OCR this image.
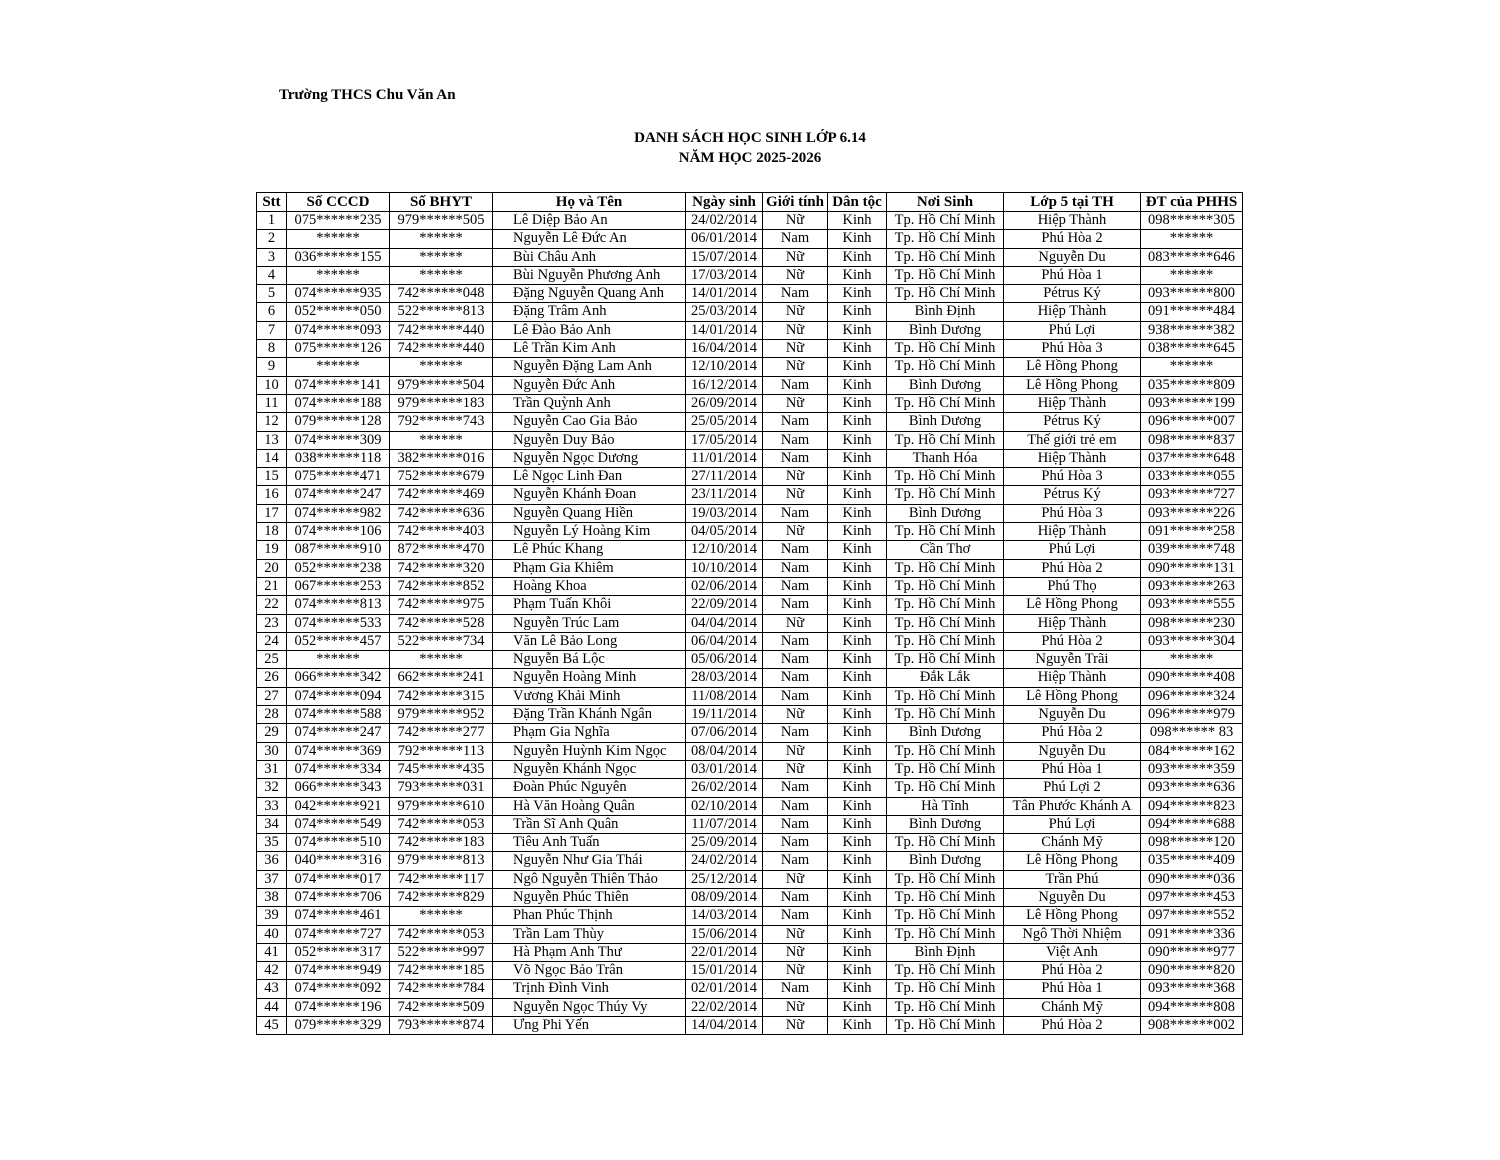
Trường THCS Chu Văn An
DANH SÁCH HỌC SINH LỚP 6.14
NĂM HỌC 2025-2026
Stt	Số CCCD	Số BHYT	Họ và Tên	Ngày sinh	Giới tính	Dân tộc	Nơi Sinh	Lớp 5 tại TH	ĐT của PHHS
1	075******235	979******505	Lê Diệp Bảo An	24/02/2014	Nữ	Kinh	Tp. Hồ Chí Minh	Hiệp Thành	098******305
2	******	******	Nguyễn Lê Đức An	06/01/2014	Nam	Kinh	Tp. Hồ Chí Minh	Phú Hòa 2	******
3	036******155	******	Bùi Châu Anh	15/07/2014	Nữ	Kinh	Tp. Hồ Chí Minh	Nguyễn Du	083******646
4	******	******	Bùi Nguyễn Phương Anh	17/03/2014	Nữ	Kinh	Tp. Hồ Chí Minh	Phú Hòa 1	******
5	074******935	742******048	Đặng Nguyễn Quang Anh	14/01/2014	Nam	Kinh	Tp. Hồ Chí Minh	Pétrus Ký	093******800
6	052******050	522******813	Đặng Trâm Anh	25/03/2014	Nữ	Kinh	Bình Định	Hiệp Thành	091******484
7	074******093	742******440	Lê Đào Bảo Anh	14/01/2014	Nữ	Kinh	Bình Dương	Phú Lợi	938******382
8	075******126	742******440	Lê Trần Kim Anh	16/04/2014	Nữ	Kinh	Tp. Hồ Chí Minh	Phú Hòa 3	038******645
9	******	******	Nguyễn Đặng Lam Anh	12/10/2014	Nữ	Kinh	Tp. Hồ Chí Minh	Lê Hồng Phong	******
10	074******141	979******504	Nguyễn Đức Anh	16/12/2014	Nam	Kinh	Bình Dương	Lê Hồng Phong	035******809
11	074******188	979******183	Trần Quỳnh Anh	26/09/2014	Nữ	Kinh	Tp. Hồ Chí Minh	Hiệp Thành	093******199
12	079******128	792******743	Nguyễn Cao Gia Bảo	25/05/2014	Nam	Kinh	Bình Dương	Pétrus Ký	096******007
13	074******309	******	Nguyễn Duy Bảo	17/05/2014	Nam	Kinh	Tp. Hồ Chí Minh	Thế giới trẻ em	098******837
14	038******118	382******016	Nguyễn Ngọc Dương	11/01/2014	Nam	Kinh	Thanh Hóa	Hiệp Thành	037******648
15	075******471	752******679	Lê Ngọc Linh Đan	27/11/2014	Nữ	Kinh	Tp. Hồ Chí Minh	Phú Hòa 3	033******055
16	074******247	742******469	Nguyễn Khánh Đoan	23/11/2014	Nữ	Kinh	Tp. Hồ Chí Minh	Pétrus Ký	093******727
17	074******982	742******636	Nguyễn Quang Hiền	19/03/2014	Nam	Kinh	Bình Dương	Phú Hòa 3	093******226
18	074******106	742******403	Nguyễn Lý Hoàng Kim	04/05/2014	Nữ	Kinh	Tp. Hồ Chí Minh	Hiệp Thành	091******258
19	087******910	872******470	Lê Phúc Khang	12/10/2014	Nam	Kinh	Cần Thơ	Phú Lợi	039******748
20	052******238	742******320	Phạm Gia Khiêm	10/10/2014	Nam	Kinh	Tp. Hồ Chí Minh	Phú Hòa 2	090******131
21	067******253	742******852	Hoàng Khoa	02/06/2014	Nam	Kinh	Tp. Hồ Chí Minh	Phú Thọ	093******263
22	074******813	742******975	Phạm Tuấn Khôi	22/09/2014	Nam	Kinh	Tp. Hồ Chí Minh	Lê Hồng Phong	093******555
23	074******533	742******528	Nguyễn Trúc Lam	04/04/2014	Nữ	Kinh	Tp. Hồ Chí Minh	Hiệp Thành	098******230
24	052******457	522******734	Văn Lê Bảo Long	06/04/2014	Nam	Kinh	Tp. Hồ Chí Minh	Phú Hòa 2	093******304
25	******	******	Nguyễn Bá Lộc	05/06/2014	Nam	Kinh	Tp. Hồ Chí Minh	Nguyễn Trãi	******
26	066******342	662******241	Nguyễn Hoàng Minh	28/03/2014	Nam	Kinh	Đắk Lắk	Hiệp Thành	090******408
27	074******094	742******315	Vương Khải Minh	11/08/2014	Nam	Kinh	Tp. Hồ Chí Minh	Lê Hồng Phong	096******324
28	074******588	979******952	Đặng Trần Khánh Ngân	19/11/2014	Nữ	Kinh	Tp. Hồ Chí Minh	Nguyễn Du	096******979
29	074******247	742******277	Phạm Gia Nghĩa	07/06/2014	Nam	Kinh	Bình Dương	Phú Hòa 2	098****** 83
30	074******369	792******113	Nguyễn Huỳnh Kim Ngọc	08/04/2014	Nữ	Kinh	Tp. Hồ Chí Minh	Nguyễn Du	084******162
31	074******334	745******435	Nguyễn Khánh Ngọc	03/01/2014	Nữ	Kinh	Tp. Hồ Chí Minh	Phú Hòa 1	093******359
32	066******343	793******031	Đoàn Phúc Nguyên	26/02/2014	Nam	Kinh	Tp. Hồ Chí Minh	Phú Lợi 2	093******636
33	042******921	979******610	Hà Văn Hoàng Quân	02/10/2014	Nam	Kinh	Hà Tĩnh	Tân Phước Khánh A	094******823
34	074******549	742******053	Trần Sĩ Anh Quân	11/07/2014	Nam	Kinh	Bình Dương	Phú Lợi	094******688
35	074******510	742******183	Tiêu Anh Tuấn	25/09/2014	Nam	Kinh	Tp. Hồ Chí Minh	Chánh Mỹ	098******120
36	040******316	979******813	Nguyễn Như Gia Thái	24/02/2014	Nam	Kinh	Bình Dương	Lê Hồng Phong	035******409
37	074******017	742******117	Ngô Nguyễn Thiên Thảo	25/12/2014	Nữ	Kinh	Tp. Hồ Chí Minh	Trần Phú	090******036
38	074******706	742******829	Nguyễn Phúc Thiên	08/09/2014	Nam	Kinh	Tp. Hồ Chí Minh	Nguyễn Du	097******453
39	074******461	******	Phan Phúc Thịnh	14/03/2014	Nam	Kinh	Tp. Hồ Chí Minh	Lê Hồng Phong	097******552
40	074******727	742******053	Trần Lam Thùy	15/06/2014	Nữ	Kinh	Tp. Hồ Chí Minh	Ngô Thời Nhiệm	091******336
41	052******317	522******997	Hà Phạm Anh Thư	22/01/2014	Nữ	Kinh	Bình Định	Việt Anh	090******977
42	074******949	742******185	Võ Ngọc Bảo Trân	15/01/2014	Nữ	Kinh	Tp. Hồ Chí Minh	Phú Hòa 2	090******820
43	074******092	742******784	Trịnh Đình Vinh	02/01/2014	Nam	Kinh	Tp. Hồ Chí Minh	Phú Hòa 1	093******368
44	074******196	742******509	Nguyễn Ngọc Thúy Vy	22/02/2014	Nữ	Kinh	Tp. Hồ Chí Minh	Chánh Mỹ	094******808
45	079******329	793******874	Ưng Phi Yến	14/04/2014	Nữ	Kinh	Tp. Hồ Chí Minh	Phú Hòa 2	908******002
